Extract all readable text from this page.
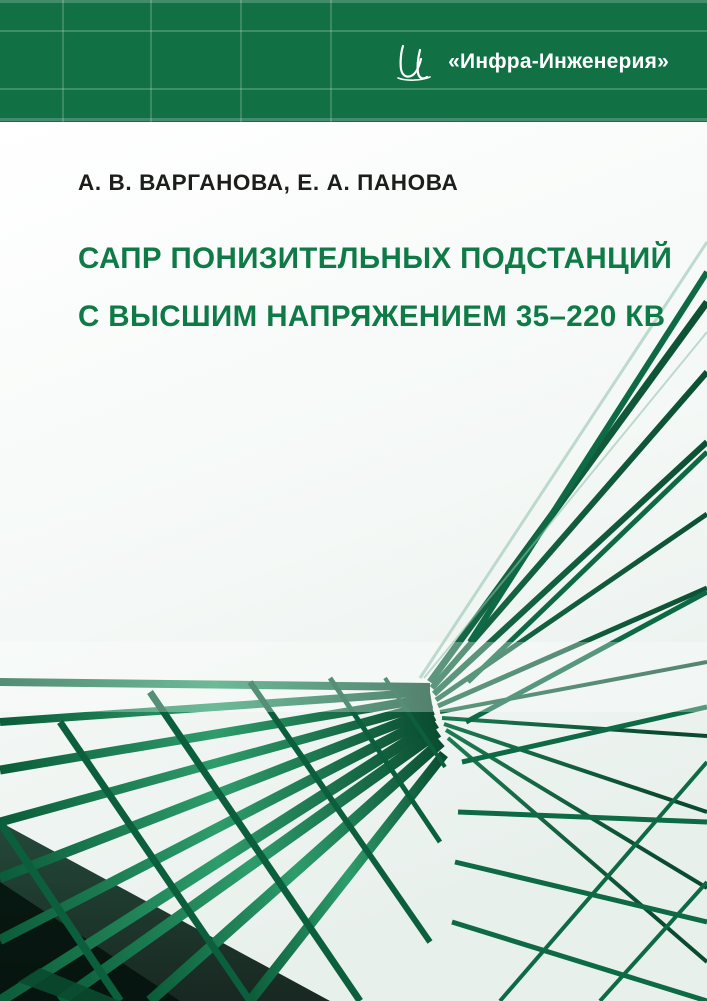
«Инфра-Инженерия»
А. В. ВАРГАНОВА, Е. А. ПАНОВА
САПР ПОНИЗИТЕЛЬНЫХ ПОДСТАНЦИЙ
С ВЫСШИМ НАПРЯЖЕНИЕМ 35–220 КВ
